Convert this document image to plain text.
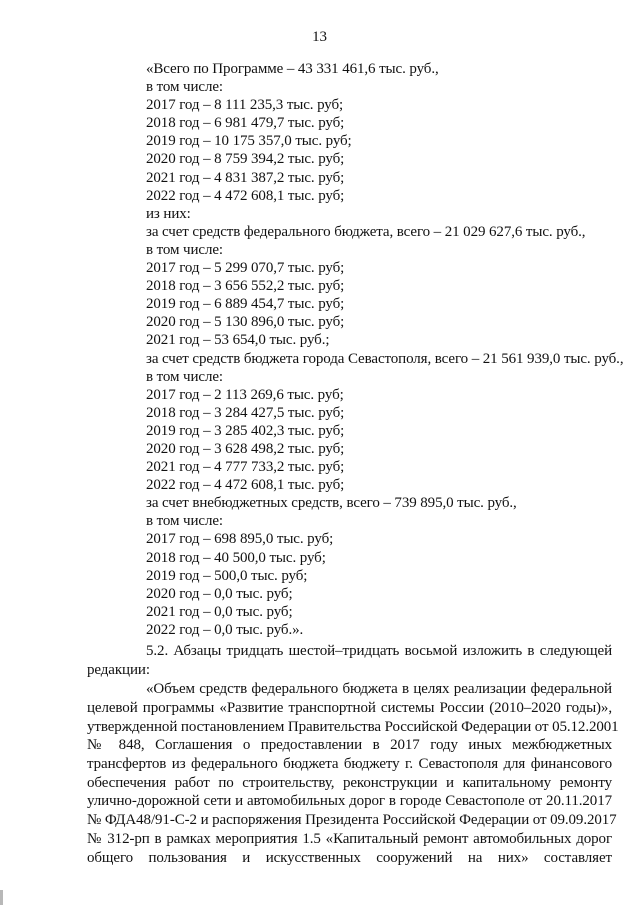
13
«Всего по Программе – 43 331 461,6 тыс. руб.,
в том числе:
2017 год – 8 111 235,3 тыс. руб;
2018 год – 6 981 479,7 тыс. руб;
2019 год – 10 175 357,0 тыс. руб;
2020 год – 8 759 394,2 тыс. руб;
2021 год – 4 831 387,2 тыс. руб;
2022 год – 4 472 608,1 тыс. руб;
из них:
за счет средств федерального бюджета, всего – 21 029 627,6 тыс. руб.,
в том числе:
2017 год – 5 299 070,7 тыс. руб;
2018 год – 3 656 552,2 тыс. руб;
2019 год – 6 889 454,7 тыс. руб;
2020 год – 5 130 896,0 тыс. руб;
2021 год – 53 654,0 тыс. руб.;
за счет средств бюджета города Севастополя, всего – 21 561 939,0 тыс. руб.,
в том числе:
2017 год – 2 113 269,6 тыс. руб;
2018 год – 3 284 427,5 тыс. руб;
2019 год – 3 285 402,3 тыс. руб;
2020 год – 3 628 498,2 тыс. руб;
2021 год – 4 777 733,2 тыс. руб;
2022 год – 4 472 608,1 тыс. руб;
за счет внебюджетных средств, всего – 739 895,0 тыс. руб.,
в том числе:
2017 год – 698 895,0 тыс. руб;
2018 год – 40 500,0 тыс. руб;
2019 год – 500,0 тыс. руб;
2020 год – 0,0 тыс. руб;
2021 год – 0,0 тыс. руб;
2022 год – 0,0 тыс. руб.».
5.2. Абзацы тридцать шестой–тридцать восьмой изложить в следующей
редакции:
«Объем средств федерального бюджета в целях реализации федеральной
целевой программы «Развитие транспортной системы России (2010–2020 годы)»,
утвержденной постановлением Правительства Российской Федерации от 05.12.2001
№ 848, Соглашения о предоставлении в 2017 году иных межбюджетных
трансфертов из федерального бюджета бюджету г. Севастополя для финансового
обеспечения работ по строительству, реконструкции и капитальному ремонту
улично-дорожной сети и автомобильных дорог в городе Севастополе от 20.11.2017
№ ФДА48/91-С-2 и распоряжения Президента Российской Федерации от 09.09.2017
№ 312-рп в рамках мероприятия 1.5 «Капитальный ремонт автомобильных дорог
общего пользования и искусственных сооружений на них» составляет
